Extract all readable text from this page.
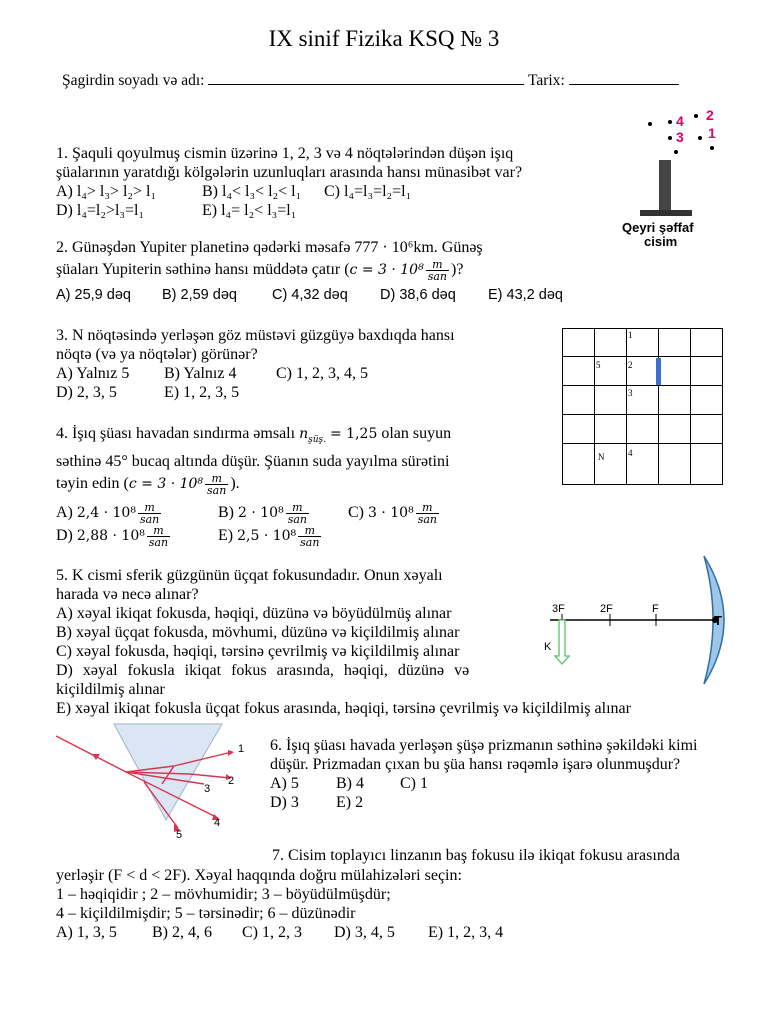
IX sinif Fizika KSQ № 3
Şagirdin soyadı və adı:	Tarix:
1. Şaquli qoyulmuş cismin üzərinə 1, 2, 3 və 4 nöqtələrindən düşən işıq
şüalarının yaratdığı kölgələrin uzunluqları arasında hansı münasibət var?
A) l₄> l₃> l₂> l₁	B) l₄< l₃< l₂< l₁ C) l₄=l₃=l₂=l₁
D) l₄=l₂>l₃=l₁	E) l₄= l₂< l₃=l₁
4 2
3 1
Qeyri şəffaf
cisim
2. Günəşdən Yupiter planetinə qədərki məsafə 777 · 10⁶km. Günəş
şüaları Yupiterin səthinə hansı müddətə çatır ($c = 3 \cdot 10^8 \frac{m}{\text{san}}$ )?
A) 25,9 dəq B) 2,59 dəq C) 4,32 dəq D) 38,6 dəq E) 43,2 dəq
3. N nöqtəsində yerləşən göz müstəvi güzgüyə baxdıqda hansı
nöqtə (və ya nöqtələr) görünər?
A) Yalnız 5 B) Yalnız 4 C) 1, 2, 3, 4, 5
D) 2, 3, 5	E) 1, 2, 3, 5
1
5	2
3
N	4
4. İşıq şüası havadan sındırma əmsalı $n_{şüş.} = 1,25$ olan suyun
səthinə 45° bucaq altında düşür. Şüanın suda yayılma sürətini
təyin edin ($c = 3 \cdot 10^8 \frac{m}{\text{san}}$ ).
A) $2,4 \cdot 10^8 \frac{m}{\text{san}}$	B) $2 \cdot 10^8 \frac{m}{\text{san}} C$) $3 \cdot 10^8 \frac{m}{\text{san}}$
D) $2,88 \cdot 10^8 \frac{m}{\text{san}}$	E) $2,5 \cdot 10^8 \frac{m}{\text{san}}$
5. K cismi sferik güzgünün üçqat fokusundadır. Onun xəyalı
harada və necə alınar?
A) xəyal ikiqat fokusda, həqiqi, düzünə və böyüdülmüş alınar
B) xəyal üçqat fokusda, mövhumi, düzünə və kiçildilmiş alınar
C) xəyal fokusda, həqiqi, tərsinə çevrilmiş və kiçildilmiş alınar
D) xəyal fokusla ikiqat fokus arasında, həqiqi, düzünə və
kiçildilmiş alınar
E) xəyal ikiqat fokusla üçqat fokus arasında, həqiqi, tərsinə çevrilmiş və kiçildilmiş alınar
3F	2F	F
T
K
1
2
3
4
5
6. İşıq şüası havada yerləşən şüşə prizmanın səthinə şəkildəki kimi
düşür. Prizmadan çıxan bu şüa hansı rəqəmlə işarə olunmuşdur?
A) 5 B) 4 C) 1
D) 3 E) 2
7. Cisim toplayıcı linzanın baş fokusu ilə ikiqat fokusu arasında
yerləşir (F < d < 2F). Xəyal haqqında doğru mülahizələri seçin:
1 – həqiqidir ; 2 – mövhumidir; 3 – böyüdülmüşdür;
4 – kiçildilmişdir; 5 – tərsinədir; 6 – düzünədir
A) 1, 3, 5 B) 2, 4, 6 C) 1, 2, 3 D) 3, 4, 5 E) 1, 2, 3, 4
